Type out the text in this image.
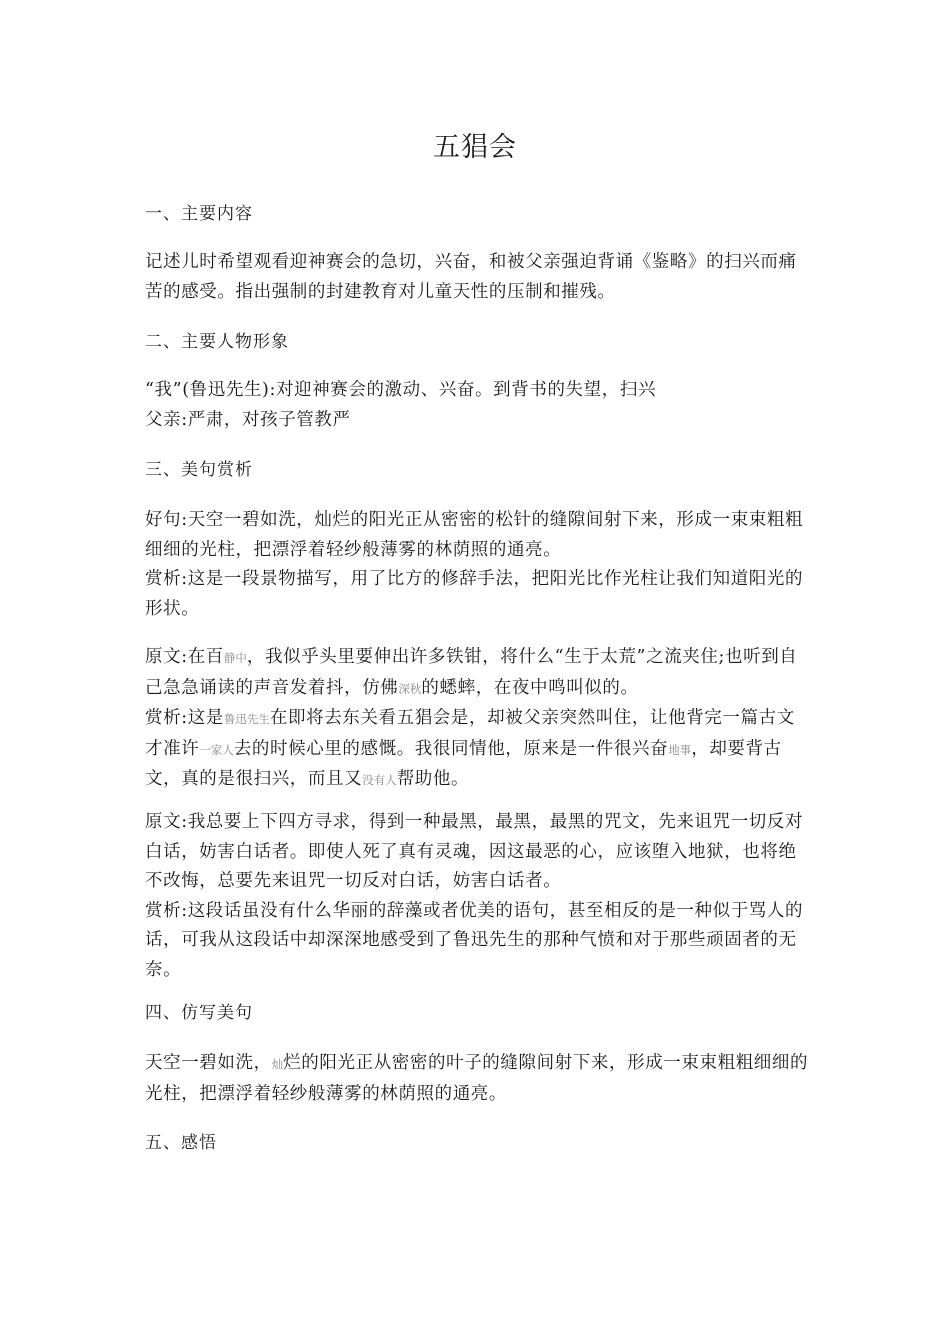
五猖会
一、主要内容

记述儿时希望观看迎神赛会的急切，兴奋，和被父亲强迫背诵《鉴略》的扫兴而痛苦的感受。指出强制的封建教育对儿童天性的压制和摧残。

二、主要人物形象

“我”(鲁迅先生):对迎神赛会的激动、兴奋。到背书的失望，扫兴

父亲:严肃，对孩子管教严

三、美句赏析

好句:天空一碧如洗，灿烂的阳光正从密密的松针的缝隙间射下来，形成一束束粗粗细细的光柱，把漂浮着轻纱般薄雾的林荫照的通亮。

赏析:这是一段景物描写，用了比方的修辞手法，把阳光比作光柱让我们知道阳光的形状。

原文:在百静中，我似乎头里要伸出许多铁钳，将什么“生于太荒”之流夹住;也听到自己急急诵读的声音发着抖，仿佛深秋的蟋蟀，在夜中鸣叫似的。

赏析:这是鲁迅先生在即将去东关看五猖会是，却被父亲突然叫住，让他背完一篇古文才准许一家人去的时候心里的感慨。我很同情他，原来是一件很兴奋地事，却要背古文，真的是很扫兴，而且又没有人帮助他。

原文:我总要上下四方寻求，得到一种最黑，最黑，最黑的咒文，先来诅咒一切反对白话，妨害白话者。即使人死了真有灵魂，因这最恶的心，应该堕入地狱，也将绝不改悔，总要先来诅咒一切反对白话，妨害白话者。

赏析:这段话虽没有什么华丽的辞藻或者优美的语句，甚至相反的是一种似于骂人的话，可我从这段话中却深深地感受到了鲁迅先生的那种气愤和对于那些顽固者的无奈。

四、仿写美句

天空一碧如洗，灿烂的阳光正从密密的叶子的缝隙间射下来，形成一束束粗粗细细的光柱，把漂浮着轻纱般薄雾的林荫照的通亮。

五、感悟
